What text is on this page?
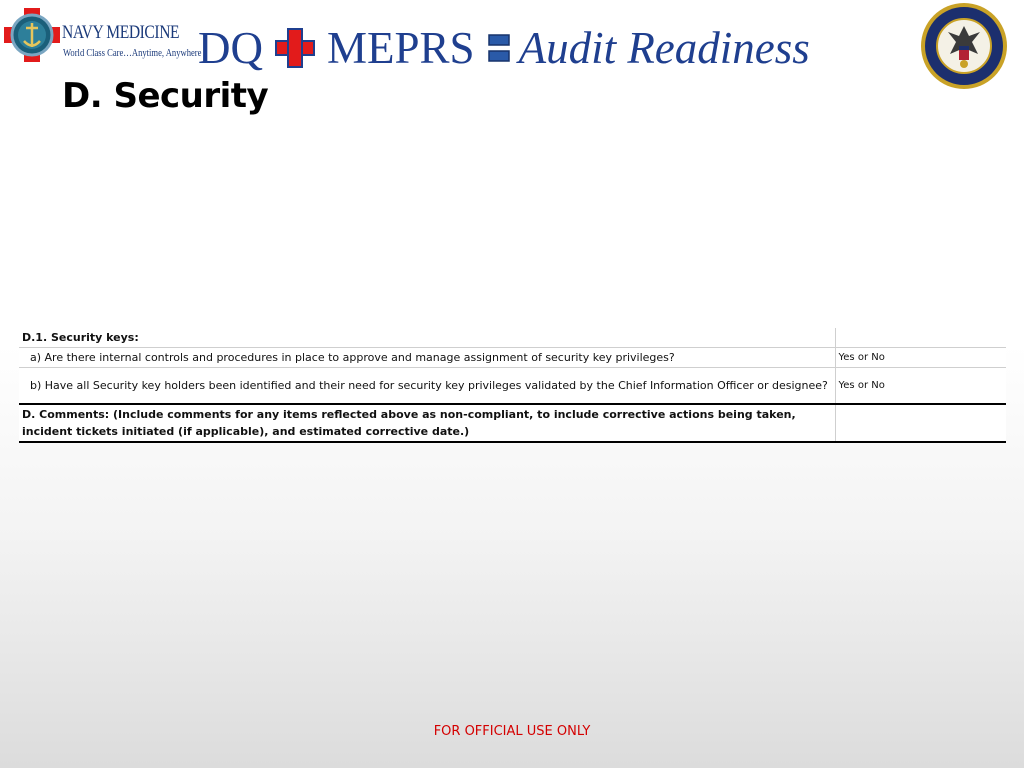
NAVY MEDICINE
World Class Care…Anytime, Anywhere
DQ MEPRS Audit Readiness
D. Security
D.1. Security keys:	
a) Are there internal controls and procedures in place to approve and manage assignment of security key privileges?	Yes or No
b) Have all Security key holders been identified and their need for security key privileges validated by the Chief Information Officer or designee?	Yes or No
D. Comments: (Include comments for any items reflected above as non-compliant, to include corrective actions being taken, incident tickets initiated (if applicable), and estimated corrective date.)	
FOR OFFICIAL USE ONLY
